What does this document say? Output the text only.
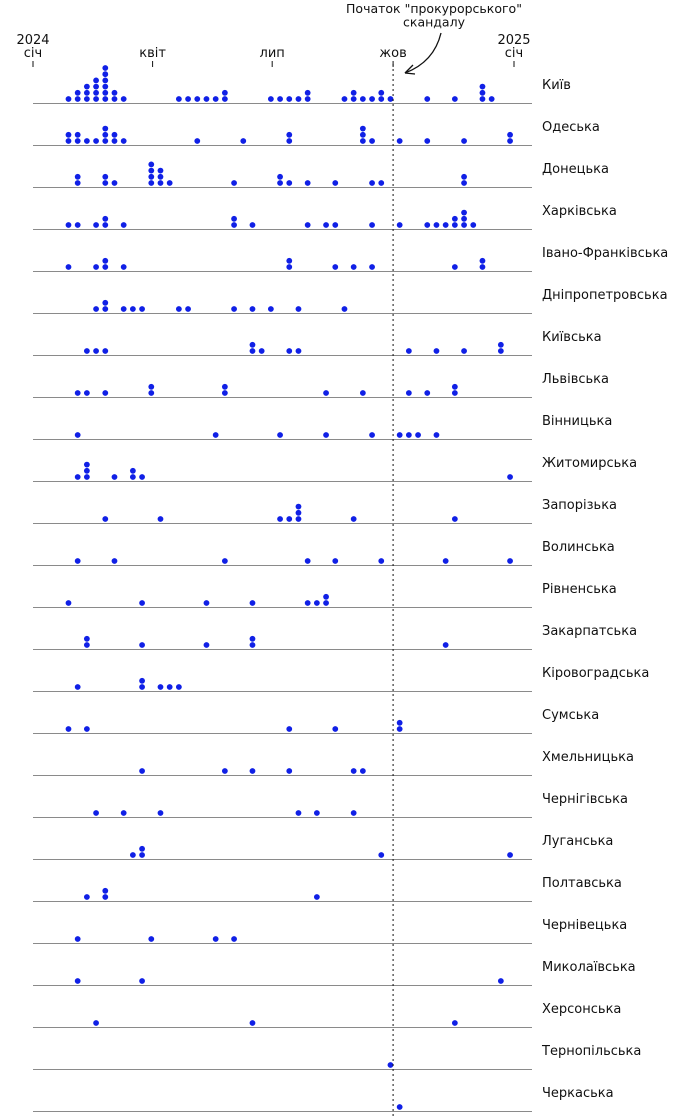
2024
січ	квіт	лип	жов
2025
січ
Київ
Одеська
Донецька
Харківська
Івано-Франківська
Дніпропетровська
Київська
Львівська
Вінницька
Житомирська
Запорізька
Волинська
Рівненська
Закарпатська
Кіровоградська
Сумська
Хмельницька
Чернігівська
Луганська
Полтавська
Чернівецька
Миколаївська
Херсонська
Тернопільська
Черкаська
Початок "прокурорського"
скандалу
